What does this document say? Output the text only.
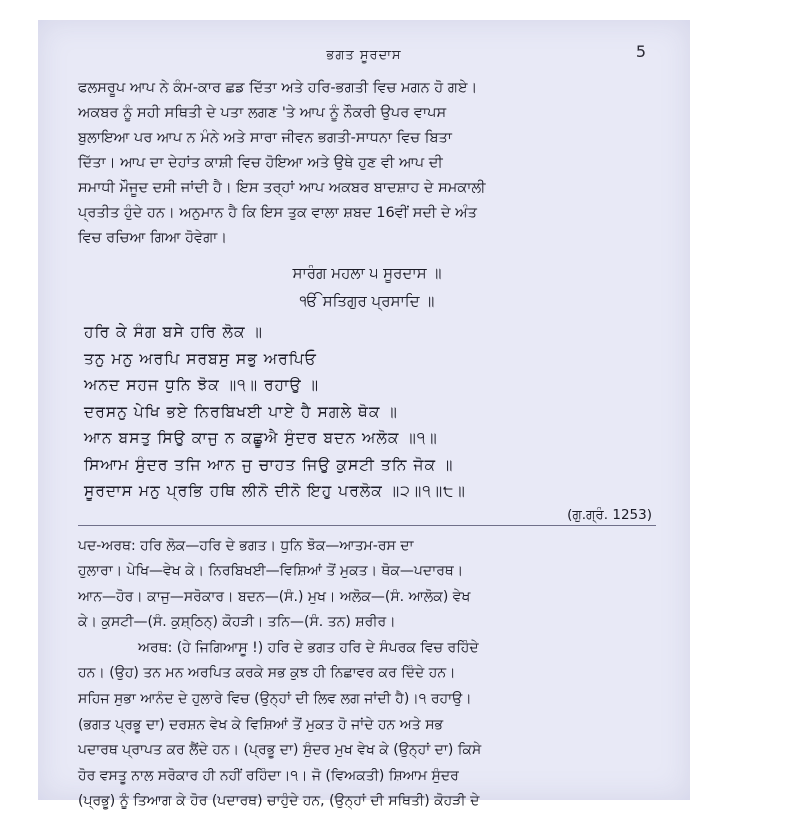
ਭਗਤ ਸੂਰਦਾਸ	5

ਫਲਸਰੂਪ ਆਪ ਨੇ ਕੰਮ-ਕਾਰ ਛਡ ਦਿੱਤਾ ਅਤੇ ਹਰਿ-ਭਗਤੀ ਵਿਚ ਮਗਨ ਹੋ ਗਏ।
ਅਕਬਰ ਨੂੰ ਸਹੀ ਸਥਿਤੀ ਦੇ ਪਤਾ ਲਗਣ 'ਤੇ ਆਪ ਨੂੰ ਨੌਕਰੀ ਉਪਰ ਵਾਪਸ
ਬੁਲਾਇਆ ਪਰ ਆਪ ਨ ਮੰਨੇ ਅਤੇ ਸਾਰਾ ਜੀਵਨ ਭਗਤੀ-ਸਾਧਨਾ ਵਿਚ ਬਿਤਾ
ਦਿੱਤਾ। ਆਪ ਦਾ ਦੇਹਾਂਤ ਕਾਸ਼ੀ ਵਿਚ ਹੋਇਆ ਅਤੇ ਉਥੇ ਹੁਣ ਵੀ ਆਪ ਦੀ
ਸਮਾਧੀ ਮੌਜੂਦ ਦਸੀ ਜਾਂਦੀ ਹੈ। ਇਸ ਤਰ੍ਹਾਂ ਆਪ ਅਕਬਰ ਬਾਦਸ਼ਾਹ ਦੇ ਸਮਕਾਲੀ
ਪ੍ਰਤੀਤ ਹੁੰਦੇ ਹਨ। ਅਨੁਮਾਨ ਹੈ ਕਿ ਇਸ ਤੁਕ ਵਾਲਾ ਸ਼ਬਦ 16ਵੀਂ ਸਦੀ ਦੇ ਅੰਤ
ਵਿਚ ਰਚਿਆ ਗਿਆ ਹੋਵੇਗਾ।

ਸਾਰੰਗ ਮਹਲਾ ੫ ਸੂਰਦਾਸ ॥
ੴ ਸਤਿਗੁਰ ਪ੍ਰਸਾਦਿ ॥
ਹਰਿ ਕੇ ਸੰਗ ਬਸੇ ਹਰਿ ਲੋਕ ॥
ਤਨੁ ਮਨੁ ਅਰਪਿ ਸਰਬਸੁ ਸਭੁ ਅਰਪਿਓ
ਅਨਦ ਸਹਜ ਧੁਨਿ ਝੋਕ ॥੧॥ ਰਹਾਉ ॥
ਦਰਸਨੁ ਪੇਖਿ ਭਏ ਨਿਰਬਿਖਈ ਪਾਏ ਹੈ ਸਗਲੇ ਥੋਕ ॥
ਆਨ ਬਸਤੁ ਸਿਉ ਕਾਜੁ ਨ ਕਛੂਐ ਸੁੰਦਰ ਬਦਨ ਅਲੋਕ ॥੧॥
ਸਿਆਮ ਸੁੰਦਰ ਤਜਿ ਆਨ ਜੁ ਚਾਹਤ ਜਿਉ ਕੁਸਟੀ ਤਨਿ ਜੋਕ ॥
ਸੂਰਦਾਸ ਮਨੁ ਪ੍ਰਭਿ ਹਥਿ ਲੀਨੋ ਦੀਨੋ ਇਹੁ ਪਰਲੋਕ ॥੨॥੧॥੮॥
(ਗੁ.ਗ੍ਰੰ. 1253)
ਪਦ-ਅਰਥ: ਹਰਿ ਲੋਕ—ਹਰਿ ਦੇ ਭਗਤ। ਧੁਨਿ ਝੋਕ—ਆਤਮ-ਰਸ ਦਾ
ਹੁਲਾਰਾ। ਪੇਖਿ—ਵੇਖ ਕੇ। ਨਿਰਬਿਖਈ—ਵਿਸ਼ਿਆਂ ਤੋਂ ਮੁਕਤ। ਥੋਕ—ਪਦਾਰਥ।
ਆਨ—ਹੋਰ। ਕਾਜੁ—ਸਰੋਕਾਰ। ਬਦਨ—(ਸੰ.) ਮੁਖ। ਅਲੋਕ—(ਸੰ. ਆਲੋਕ) ਵੇਖ
ਕੇ। ਕੁਸਟੀ—(ਸੰ. ਕੁਸ਼੍ਠਿਨ੍) ਕੋਹੜੀ। ਤਨਿ—(ਸੰ. ਤਨ) ਸ਼ਰੀਰ।
ਅਰਥ: (ਹੇ ਜਿਗਿਆਸੂ !) ਹਰਿ ਦੇ ਭਗਤ ਹਰਿ ਦੇ ਸੰਪਰਕ ਵਿਚ ਰਹਿੰਦੇ
ਹਨ। (ਉਹ) ਤਨ ਮਨ ਅਰਪਿਤ ਕਰਕੇ ਸਭ ਕੁਝ ਹੀ ਨਿਛਾਵਰ ਕਰ ਦਿੰਦੇ ਹਨ।
ਸਹਿਜ ਸੁਭਾ ਆਨੰਦ ਦੇ ਹੁਲਾਰੇ ਵਿਚ (ਉਨ੍ਹਾਂ ਦੀ ਲਿਵ ਲਗ ਜਾਂਦੀ ਹੈ)।੧ ਰਹਾਉ।
(ਭਗਤ ਪ੍ਰਭੂ ਦਾ) ਦਰਸ਼ਨ ਵੇਖ ਕੇ ਵਿਸ਼ਿਆਂ ਤੋਂ ਮੁਕਤ ਹੋ ਜਾਂਦੇ ਹਨ ਅਤੇ ਸਭ
ਪਦਾਰਥ ਪ੍ਰਾਪਤ ਕਰ ਲੈਂਦੇ ਹਨ। (ਪ੍ਰਭੂ ਦਾ) ਸੁੰਦਰ ਮੁਖ ਵੇਖ ਕੇ (ਉਨ੍ਹਾਂ ਦਾ) ਕਿਸੇ
ਹੋਰ ਵਸਤੂ ਨਾਲ ਸਰੋਕਾਰ ਹੀ ਨਹੀਂ ਰਹਿੰਦਾ।੧। ਜੋ (ਵਿਅਕਤੀ) ਸ਼ਿਆਮ ਸੁੰਦਰ
(ਪ੍ਰਭੂ) ਨੂੰ ਤਿਆਗ ਕੇ ਹੋਰ (ਪਦਾਰਥ) ਚਾਹੁੰਦੇ ਹਨ, (ਉਨ੍ਹਾਂ ਦੀ ਸਥਿਤੀ) ਕੋਹੜੀ ਦੇ
